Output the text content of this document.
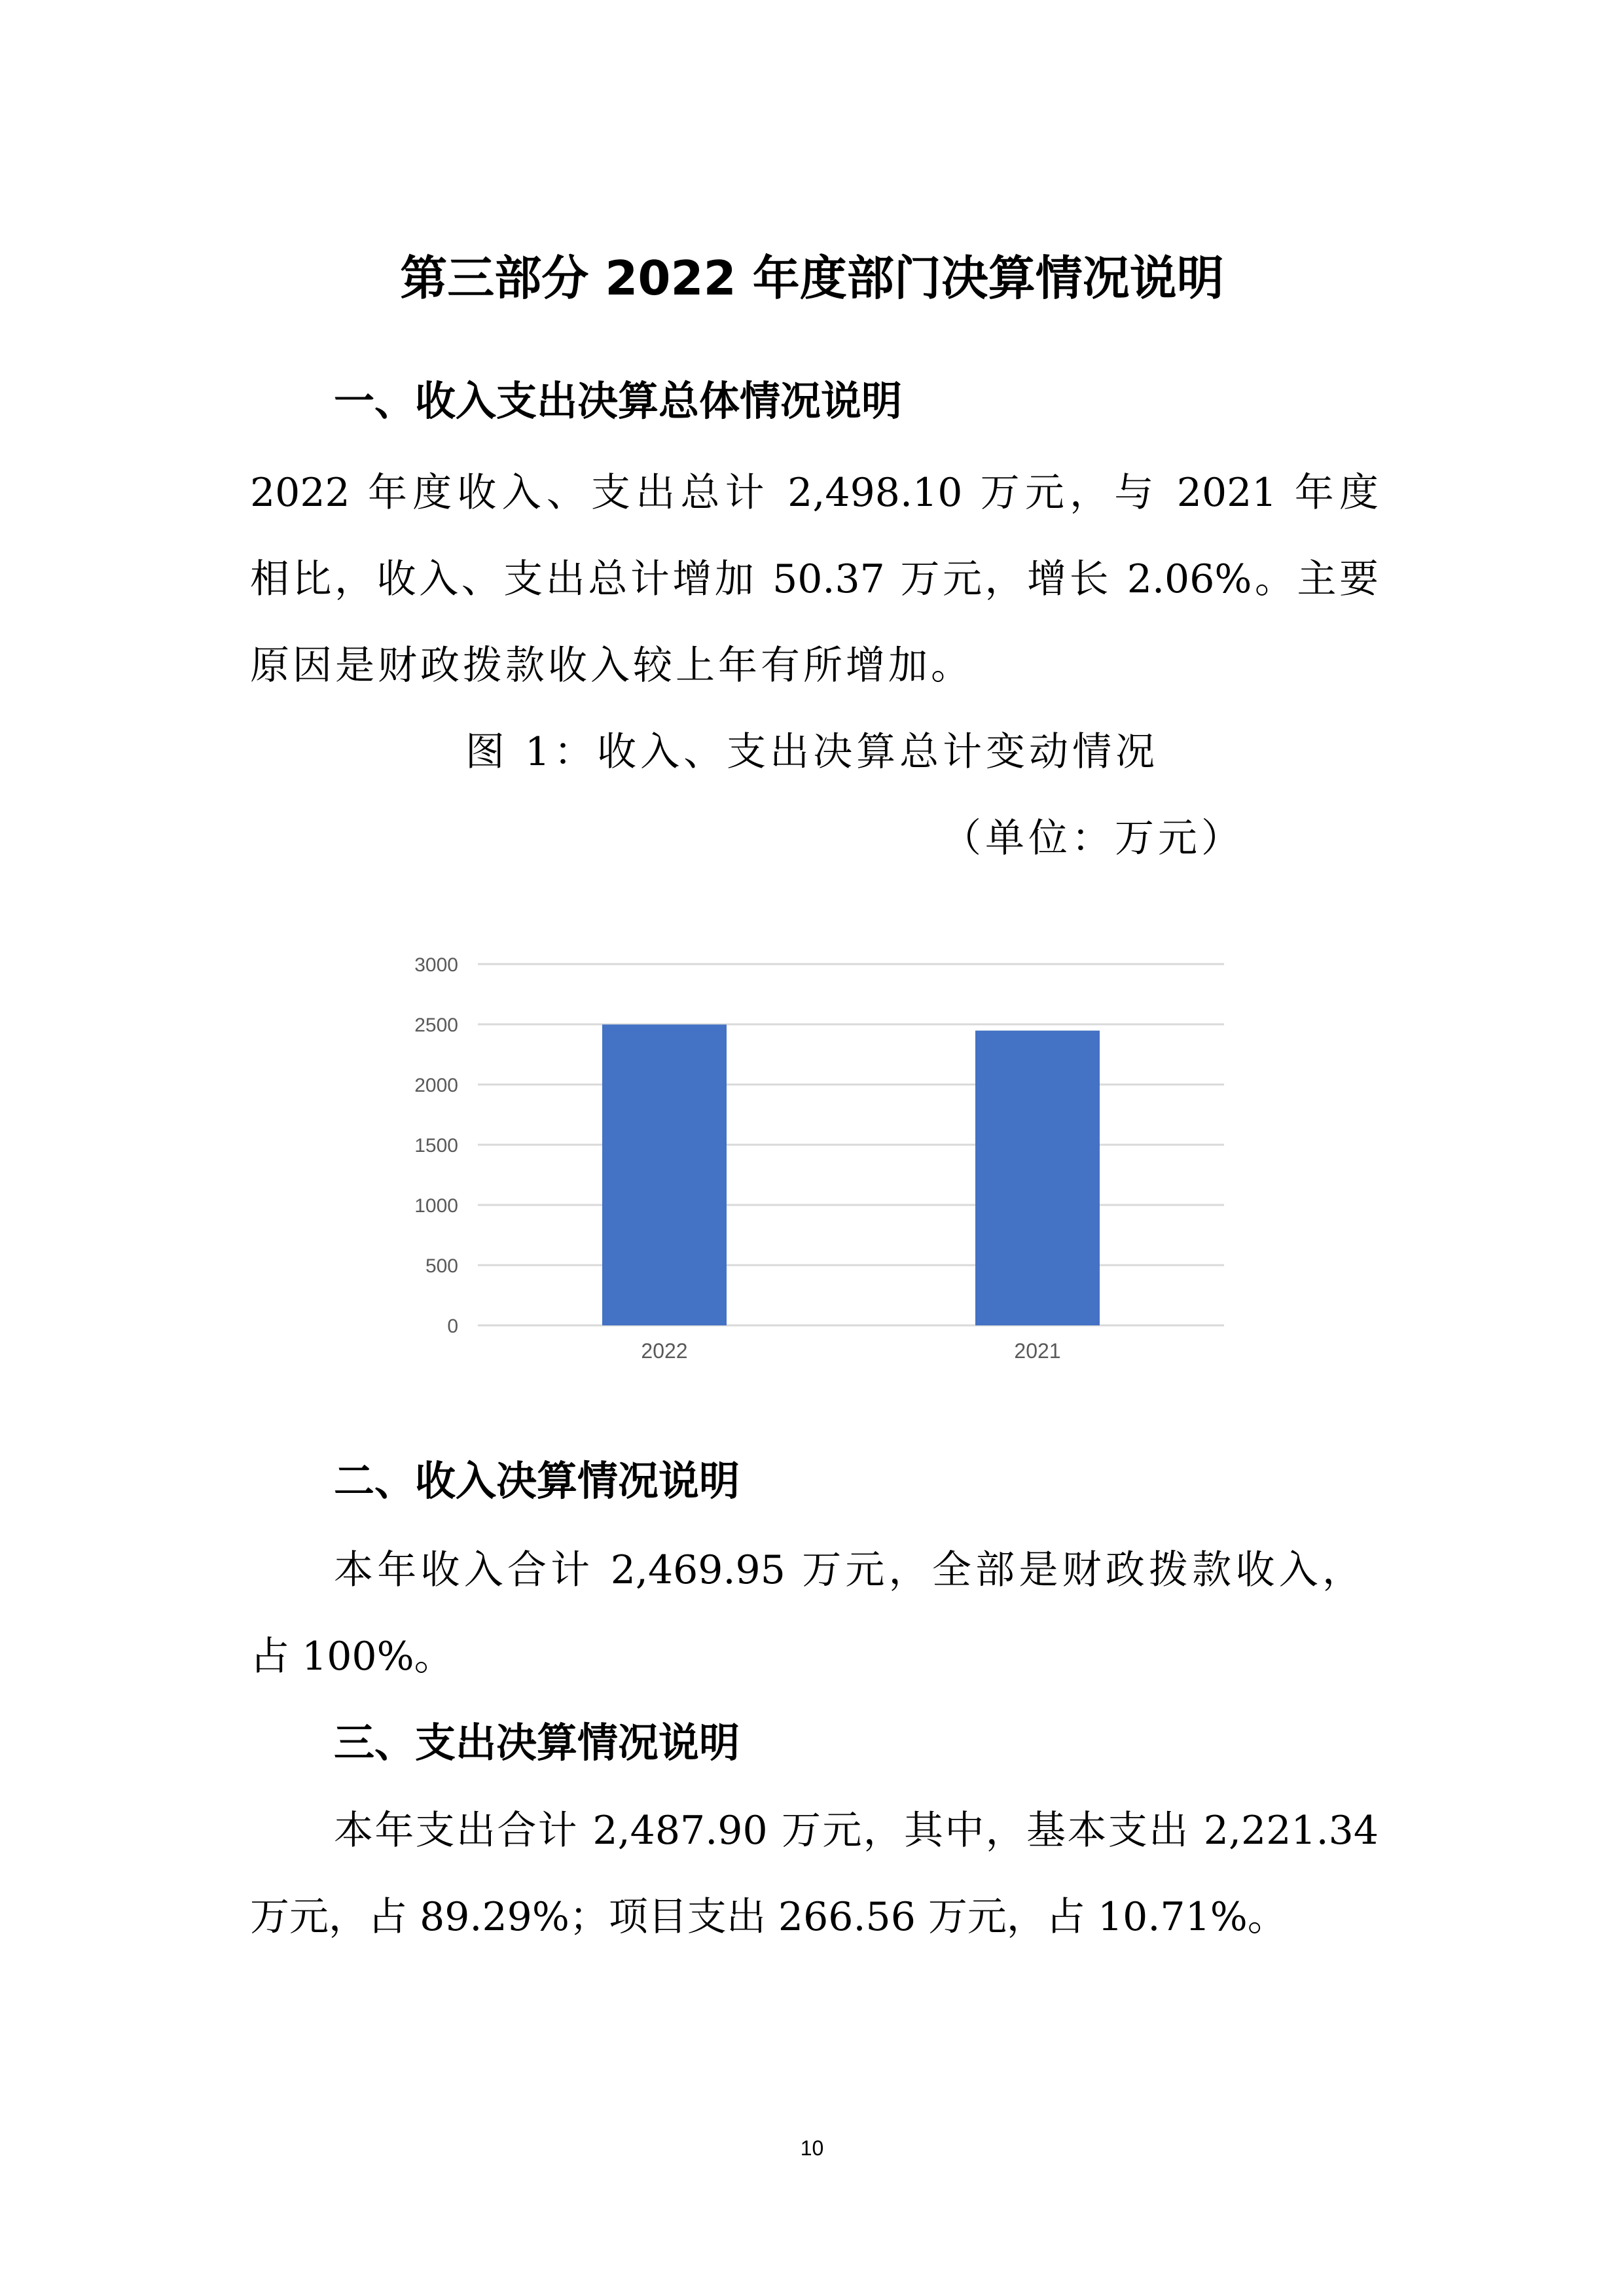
第三部分 2022 年度部门决算情况说明
一、收入支出决算总体情况说明
2022 年度收入、支出总计 2,498.10 万元，与 2021 年度
相比，收入、支出总计增加 50.37 万元，增长 2.06%。主要
原因是财政拨款收入较上年有所增加。
图 1：收入、支出决算总计变动情况
（单位：万元）
0
500
1000
1500
2000
2500
3000
2022	2021
二、收入决算情况说明
本年收入合计 2,469.95 万元，全部是财政拨款收入，
占 100%。
三、支出决算情况说明
本年支出合计 2,487.90 万元，其中，基本支出 2,221.34
万元，占 89.29%；项目支出 266.56 万元，占 10.71%。
10
